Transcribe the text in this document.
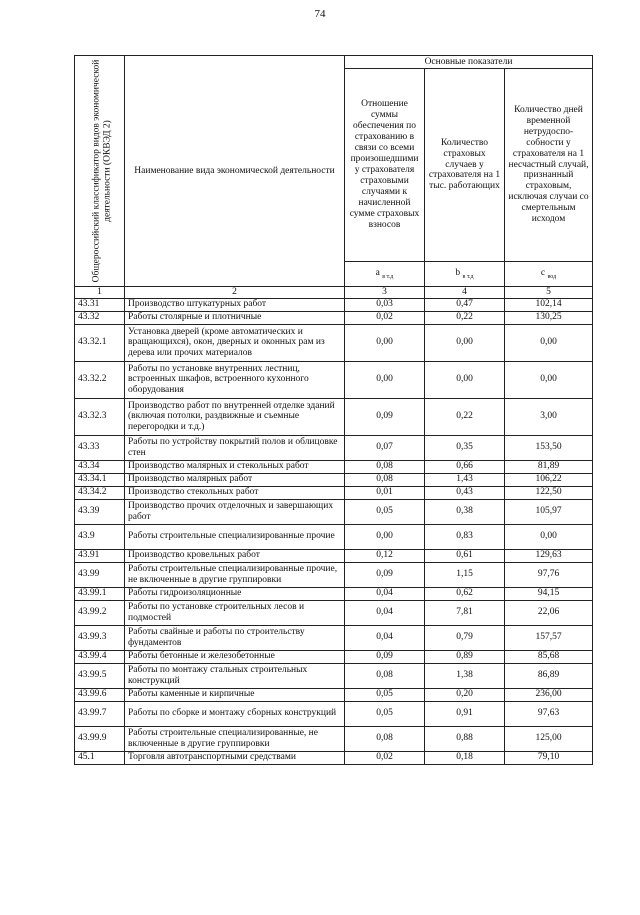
74
Общероссийский классификатор видов экономической деятельности (ОКВЭД 2)	Наименование вида экономической деятельности	Основные показатели		
		Отношение суммы обеспечения по страхованию в связи со всеми произошедшими у страхователя страховыми случаями к начисленной сумме страховых взносов	Количество страховых случаев у страхователя на 1 тыс. работающих	Количество дней временной нетрудоспо-собности у страхователя на 1 несчастный случай, признанный страховым, исключая случаи со смертельным исходом
		a $_{в т.д}$	b $_{в т.д}$	с $_{вод}$
1	2	3	4	5
43.31	Производство штукатурных работ	0,03	0,47	102,14
43.32	Работы столярные и плотничные	0,02	0,22	130,25
43.32.1	Установка дверей (кроме автоматических и вращающихся), окон, дверных и оконных рам из дерева или прочих материалов	0,00	0,00	0,00
43.32.2	Работы по установке внутренних лестниц, встроенных шкафов, встроенного кухонного оборудования	0,00	0,00	0,00
43.32.3	Производство работ по внутренней отделке зданий (включая потолки, раздвижные и съемные перегородки и т.д.)	0,09	0,22	3,00
43.33	Работы по устройству покрытий полов и облицовке стен	0,07	0,35	153,50
43.34	Производство малярных и стекольных работ	0,08	0,66	81,89
43.34.1	Производство малярных работ	0,08	1,43	106,22
43.34.2	Производство стекольных работ	0,01	0,43	122,50
43.39	Производство прочих отделочных и завершающих работ	0,05	0,38	105,97
43.9	Работы строительные специализированные прочие	0,00	0,83	0,00
43.91	Производство кровельных работ	0,12	0,61	129,63
43.99	Работы строительные специализированные прочие, не включенные в другие группировки	0,09	1,15	97,76
43.99.1	Работы гидроизоляционные	0,04	0,62	94,15
43.99.2	Работы по установке строительных лесов и подмостей	0,04	7,81	22,06
43.99.3	Работы свайные и работы по строительству фундаментов	0,04	0,79	157,57
43.99.4	Работы бетонные и железобетонные	0,09	0,89	85,68
43.99.5	Работы по монтажу стальных строительных конструкций	0,08	1,38	86,89
43.99.6	Работы каменные и кирпичные	0,05	0,20	236,00
43.99.7	Работы по сборке и монтажу сборных конструкций	0,05	0,91	97,63
43.99.9	Работы строительные специализированные, не включенные в другие группировки	0,08	0,88	125,00
45.1	Торговля автотранспортными средствами	0,02	0,18	79,10
